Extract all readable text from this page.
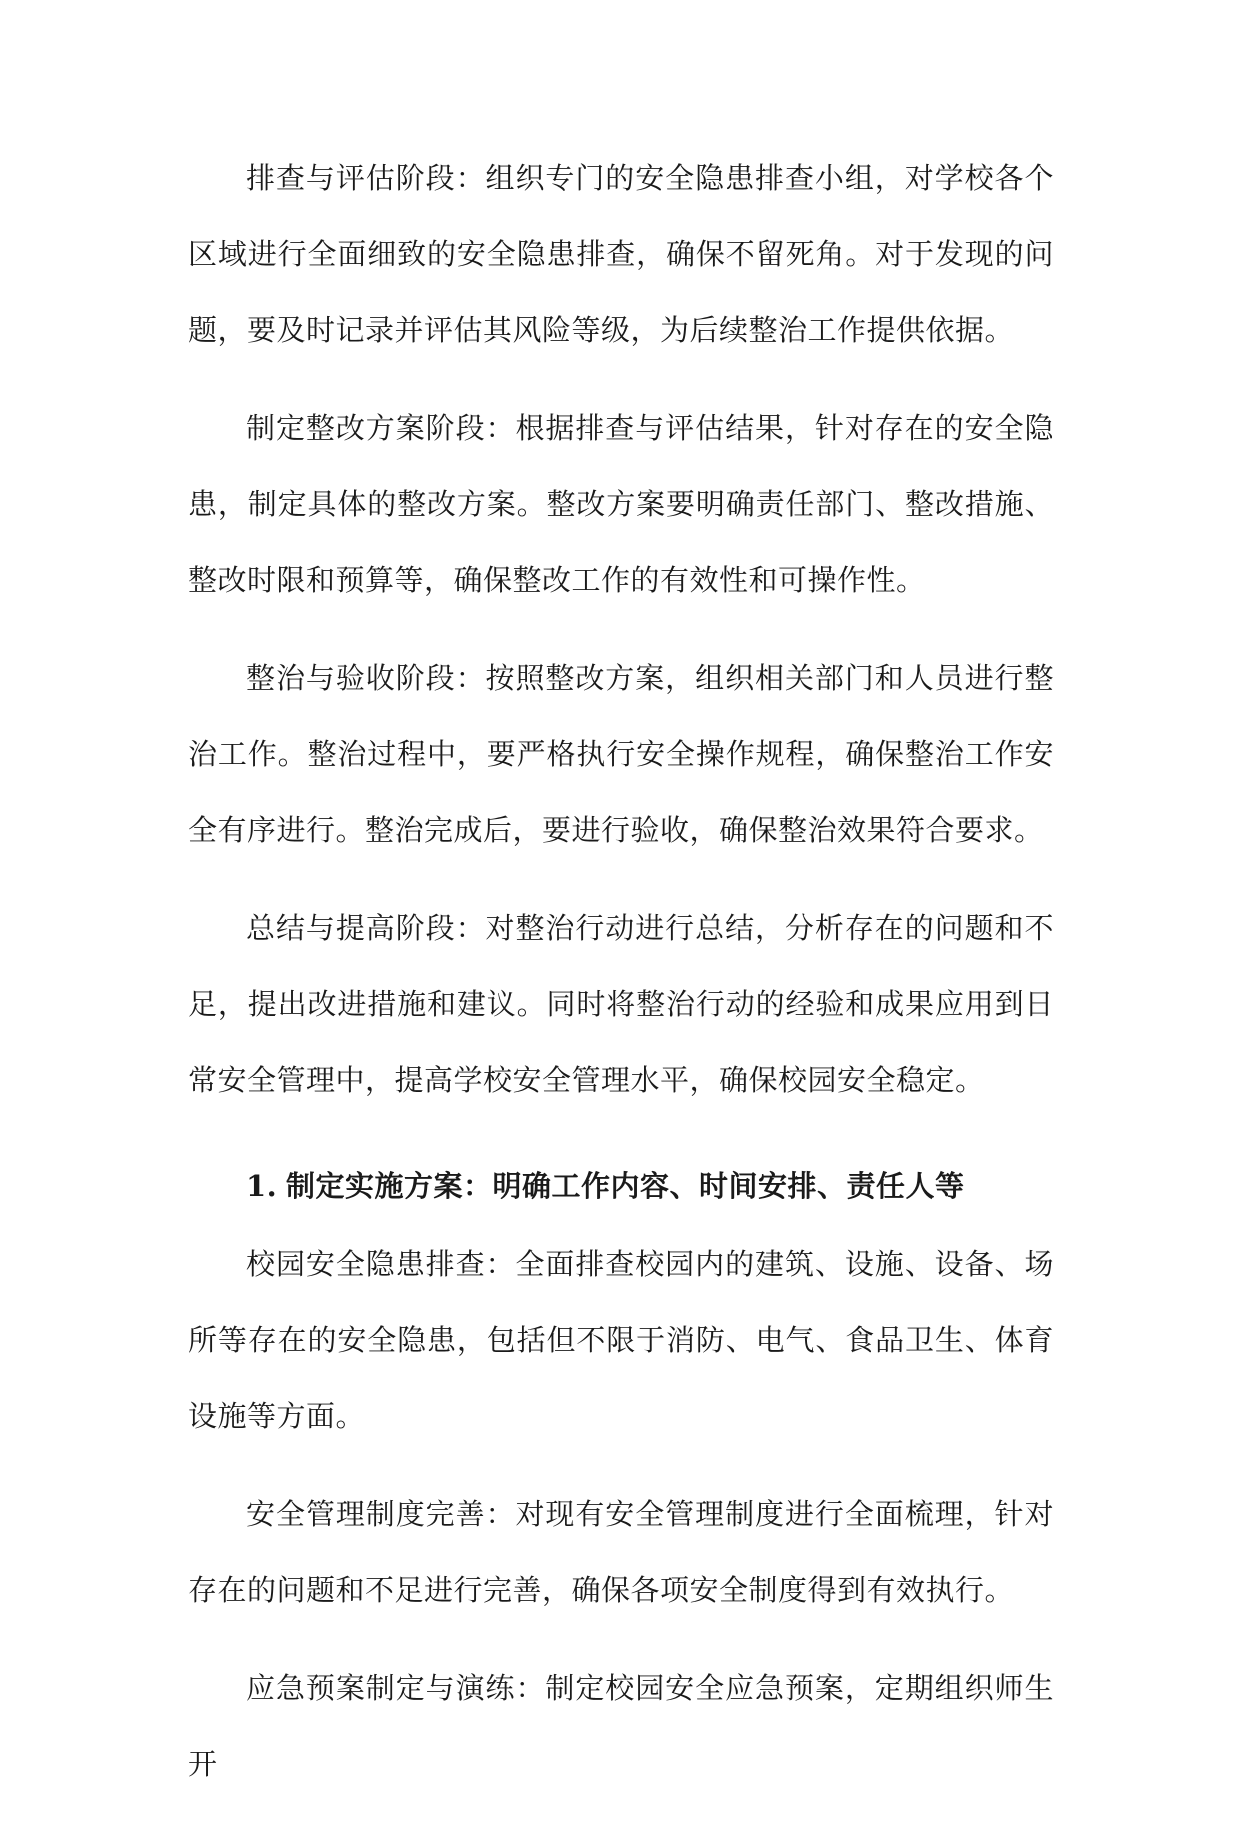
排查与评估阶段：组织专门的安全隐患排查小组，对学校各个区域进行全面细致的安全隐患排查，确保不留死角。对于发现的问题，要及时记录并评估其风险等级，为后续整治工作提供依据。

制定整改方案阶段：根据排查与评估结果，针对存在的安全隐患，制定具体的整改方案。整改方案要明确责任部门、整改措施、整改时限和预算等，确保整改工作的有效性和可操作性。

整治与验收阶段：按照整改方案，组织相关部门和人员进行整治工作。整治过程中，要严格执行安全操作规程，确保整治工作安全有序进行。整治完成后，要进行验收，确保整治效果符合要求。

总结与提高阶段：对整治行动进行总结，分析存在的问题和不足，提出改进措施和建议。同时将整治行动的经验和成果应用到日常安全管理中，提高学校安全管理水平，确保校园安全稳定。

1. 制定实施方案：明确工作内容、时间安排、责任人等

校园安全隐患排查：全面排查校园内的建筑、设施、设备、场所等存在的安全隐患，包括但不限于消防、电气、食品卫生、体育设施等方面。

安全管理制度完善：对现有安全管理制度进行全面梳理，针对存在的问题和不足进行完善，确保各项安全制度得到有效执行。

应急预案制定与演练：制定校园安全应急预案，定期组织师生开
